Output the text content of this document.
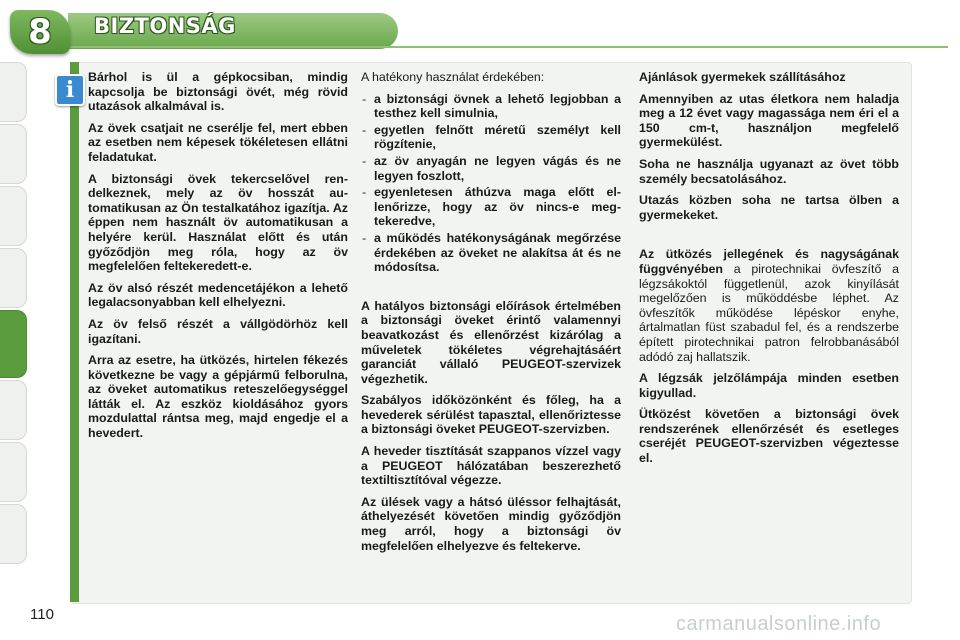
8 BIZTONSÁG
i Bárhol is ül a gépkocsiban, mindig kapcsolja be biztonsági övét, még rövid utazások alkalmával is.

Az övek csatjait ne cserélje fel, mert ebben az esetben nem képesek tökéletesen ellátni feladatukat.

A biztonsági övek tekercselővel rendelkeznek, mely az öv hosszát automatikusan az Ön testalkatához igazítja. Az éppen nem használt öv automatikusan a helyére kerül. Használat előtt és után győződjön meg róla, hogy az öv megfelelően feltekeredett-e.

Az öv alsó részét medencetájékon a lehető legalacsonyabban kell elhelyezni.

Az öv felső részét a vállgödörhöz kell igazítani.

Arra az esetre, ha ütközés, hirtelen fékezés következne be vagy a gépjármű felborulna, az öveket automatikus reteszelőegységgel látták el. Az eszköz kioldásához gyors mozdulattal rántsa meg, majd engedje el a hevedert.

A hatékony használat érdekében:

- a biztonsági övnek a lehető legjobban a testhez kell simulnia,
- egyetlen felnőtt méretű személyt kell rögzítenie,
- az öv anyagán ne legyen vágás és ne legyen foszlott,
- egyenletesen áthúzva maga előtt ellenőrizze, hogy az öv nincs-e megtekeredve,
- a működés hatékonyságának megőrzése érdekében az öveket ne alakítsa át és ne módosítsa.

A hatályos biztonsági előírások értelmében a biztonsági öveket érintő valamennyi beavatkozást és ellenőrzést kizárólag a műveletek tökéletes végrehajtásáért garanciát vállaló PEUGEOT-szervizek végezhetik.

Szabályos időközönként és főleg, ha a hevederek sérülést tapasztal, ellenőriztesse a biztonsági öveket PEUGEOT-szervizben.

A heveder tisztítását szappanos vízzel vagy a PEUGEOT hálózatában beszerezhető textiltisztítóval végezze.

Az ülések vagy a hátsó üléssor felhajtását, áthelyezését követően mindig győződjön meg arról, hogy a biztonsági öv megfelelően elhelyezve és feltekerve.

Ajánlások gyermekek szállításához

Amennyiben az utas életkora nem haladja meg a 12 évet vagy magassága nem éri el a 150 cm-t, használjon megfelelő gyermekülést.

Soha ne használja ugyanazt az övet több személy becsatolásához.

Utazás közben soha ne tartsa ölben a gyermekeket.

Az ütközés jellegének és nagyságának függvényében a pirotechnikai övfeszítő a légzsákoktól függetlenül, azok kinyílását megelőzően is működdésbe léphet. Az övfeszítők működése lépéskor enyhe, ártalmatlan füst szabadul fel, és a rendszerbe épített pirotechnikai patron felrobbanásából adódó zaj hallatszik.

A légzsák jelzőlámpája minden esetben kigyullad.

Ütközést követően a biztonsági övek rendszerének ellenőrzését és esetleges cseréjét PEUGEOT-szervizben végeztesse el.

110	carmanualsonline.info
